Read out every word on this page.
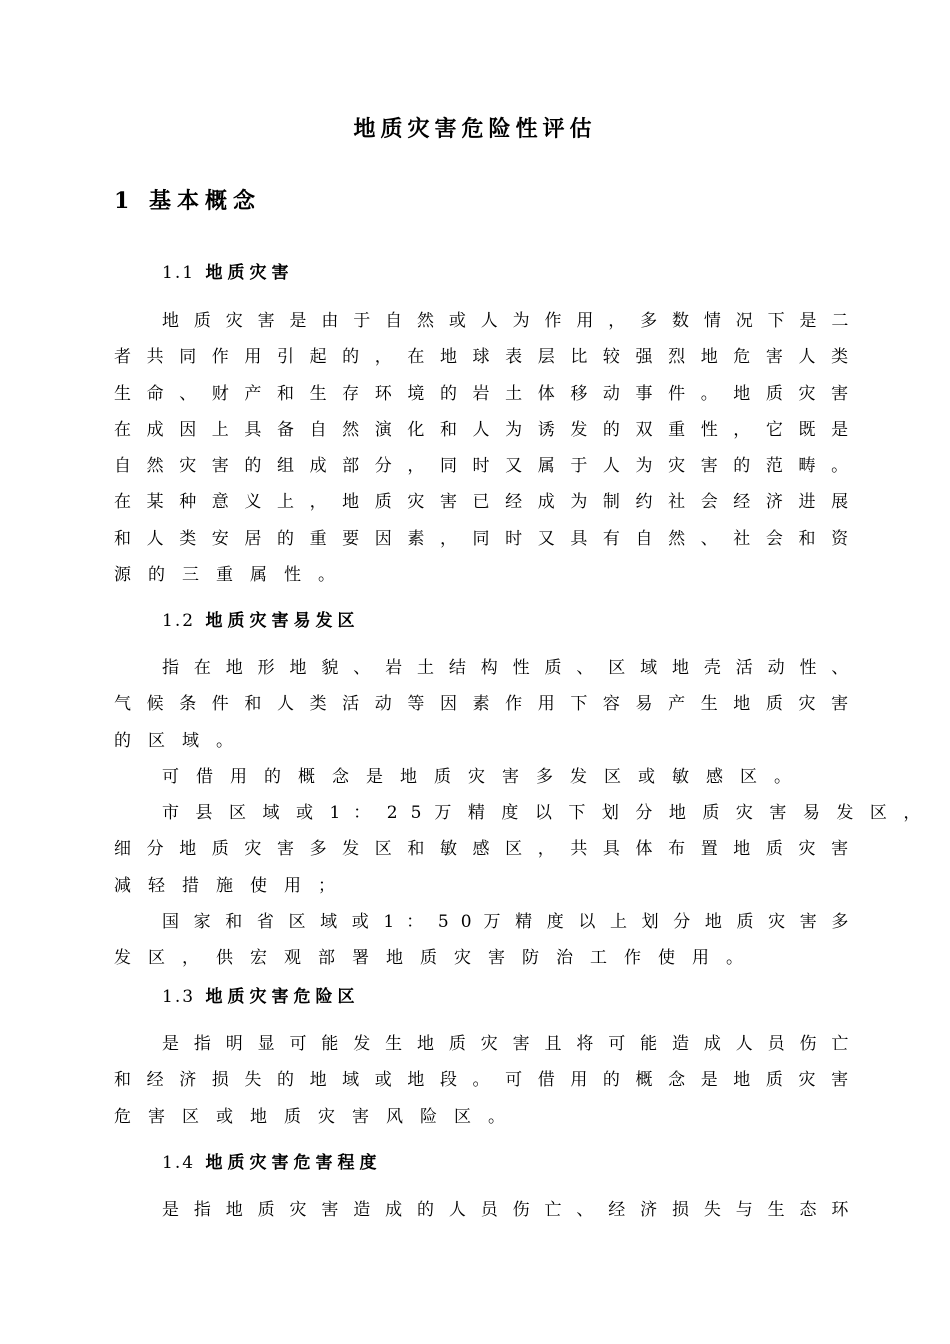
地质灾害危险性评估
1 基本概念
1.1 地质灾害
地 质 灾 害 是 由 于 自 然 或 人 为 作 用 ， 多 数 情 况 下 是 二
者 共 同 作 用 引 起 的 ， 在 地 球 表 层 比 较 强 烈 地 危 害 人 类
生 命 、 财 产 和 生 存 环 境 的 岩 土 体 移 动 事 件 。 地 质 灾 害
在 成 因 上 具 备 自 然 演 化 和 人 为 诱 发 的 双 重 性 ， 它 既 是
自 然 灾 害 的 组 成 部 分 ， 同 时 又 属 于 人 为 灾 害 的 范 畴 。
在 某 种 意 义 上 ， 地 质 灾 害 已 经 成 为 制 约 社 会 经 济 进 展
和 人 类 安 居 的 重 要 因 素 ， 同 时 又 具 有 自 然 、 社 会 和 资
源的三重属性。
1.2 地质灾害易发区
指 在 地 形 地 貌 、 岩 土 结 构 性 质 、 区 域 地 壳 活 动 性 、
气 候 条 件 和 人 类 活 动 等 因 素 作 用 下 容 易 产 生 地 质 灾 害
的区域。
可借用的概念是地质灾害多发区或敏感区。
市 县 区 域 或 1 ： 2 5 万 精 度 以 下 划 分 地 质 灾 害 易 发 区 ，
细 分 地 质 灾 害 多 发 区 和 敏 感 区 ， 共 具 体 布 置 地 质 灾 害
减轻措施使用；
国 家 和 省 区 域 或 1 ： 5 0 万 精 度 以 上 划 分 地 质 灾 害 多
发区，供宏观部署地质灾害防治工作使用。
1.3 地质灾害危险区
是 指 明 显 可 能 发 生 地 质 灾 害 且 将 可 能 造 成 人 员 伤 亡
和 经 济 损 失 的 地 域 或 地 段 。 可 借 用 的 概 念 是 地 质 灾 害
危害区或地质灾害风险区。
1.4 地质灾害危害程度
是 指 地 质 灾 害 造 成 的 人 员 伤 亡 、 经 济 损 失 与 生 态 环
